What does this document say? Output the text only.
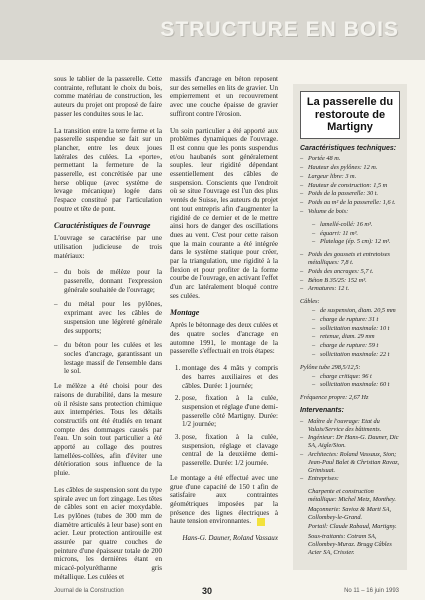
STRUCTURE EN BOIS

sous le tablier de la passerelle. Cette contrainte, reflutant le choix du bois, comme matériau de construction, les auteurs du projet ont proposé de faire passer les conduites sous le lac.

La transition entre la terre ferme et la passerelle suspendue se fait sur un plancher, entre les deux joues latérales des culées. La «porte», permettant la fermeture de la passerelle, est concrétisée par une herse oblique (avec système de levage mécanique) logée dans l'espace constitué par l'articulation poutre et tête de pont.

Caractéristiques de l'ouvrage

L'ouvrage se caractérise par une utilisation judicieuse de trois matériaux:

– du bois de mélèze pour la passerelle, donnant l'expression générale souhaitée de l'ouvrage;
– du métal pour les pylônes, exprimant avec les câbles de suspension une légèreté générale des supports;
– du béton pour les culées et les socles d'ancrage, garantissant un lestage massif de l'ensemble dans le sol.

Le mélèze a été choisi pour des raisons de durabilité, dans la mesure où il résiste sans protection chimique aux intempéries. Tous les détails constructifs ont été étudiés en tenant compte des dommages causés par l'eau. Un soin tout particulier a été apporté au collage des poutres lamellées-collées, afin d'éviter une détérioration sous influence de la pluie.

Les câbles de suspension sont du type spirale avec un fort zingage. Les têtes de câbles sont en acier moxydable. Les pylônes (tubes de 300 mm de diamètre articulés à leur base) sont en acier. Leur protection antirouille est assurée par quatre couches de peinture d'une épaisseur totale de 200 microns, les dernières étant en micacé-polyuréthanne gris métallique. Les culées et

massifs d'ancrage en béton reposent sur des semelles en lits de gravier. Un empierrement et un recouvrement avec une couche épaisse de gravier suffiront contre l'érosion.

Un soin particulier a été apporté aux problèmes dynamiques de l'ouvrage. Il est connu que les ponts suspendus et/ou haubanés sont généralement souples. leur rigidité dépendant essentiellement des câbles de suspension. Conscients que l'endroit où se situe l'ouvrage est l'un des plus ventés de Suisse, les auteurs du projet ont tout entrepris afin d'augmenter la rigidité de ce dernier et de le mettre ainsi hors de danger des oscillations dues au vent. C'est pour cette raison que la main courante a été intégrée dans le système statique pour créer, par la triangulation, une rigidité à la flexion et pour profiter de la forme courbe de l'ouvrage, en activant l'effet d'un arc latéralement bloqué contre ses culées.

Montage

Après le bétonnage des deux culées et des quatre socles d'ancrage en automne 1991, le montage de la passerelle s'effectuait en trois étapes:

1. montage des 4 mâts y compris des barres auxiliaires et des câbles. Durée: 1 journée;
2. pose, fixation à la culée, suspension et réglage d'une demi-passerelle côté Martigny. Durée: 1/2 journée;
3. pose, fixation à la culée, suspension, réglage et clavage central de la deuxième demi-passerelle. Durée: 1/2 journée.

Le montage a été effectué avec une grue d'une capacité de 150 t afin de satisfaire aux contraintes géométriques imposées par la présence des lignes électriques à haute tension environnantes.

Hans-G. Dauner, Roland Vassaux

La passerelle du restoroute de Martigny
Caractéristiques techniques:
– Portée 48 m.
– Hauteur des pylônes: 12 m.
– Largeur libre: 3 m.
– Hauteur de construction: 1,5 m
– Poids de la passerelle: 30 t.
– Poids au m² de la passerelle: 1,6 t.
– Volume de bois:
– lamellé-collé: 16 m³.
– équarri: 11 m³.
– Platelage (ép. 5 cm): 12 m³.
– Poids des goussets et entretoises métalliques: 7,8 t.
– Poids des ancrages: 5,7 t.
– Béton B 35/25: 152 m³.
– Armatures: 12 t.
Câbles:
– de suspension, diam. 20,5 mm
– charge de rupture: 31 t
– sollicitation maximale: 10 t
– retenue, diam. 29 mm
– charge de rupture: 59 t
– sollicitation maximale: 22 t
Pylône tube 298,5/12,5:
– charge critique: 96 t
– sollicitation maximale: 60 t
Fréquence propre: 2,67 Hz
Intervenants:
– Maître de l'ouvrage: Etat du Valais/Service des bâtiments.
– Ingénieur: Dr Hans-G. Dauner, Dic SA, Aigle/Sion.
– Architectes: Roland Vassaux, Sion; Jean-Paul Balet & Christian Ravaz, Grimisuat.
– Entreprises:
Charpente et construction métallique: Michel Metz, Monthey.
Maçonnerie: Savioz & Marti SA, Collombey-le-Grand.
Portail: Claude Rabaud, Martigny.
Sous-traitants: Cotram SA, Collombey-Muraz. Brugg Câbles Acier SA, Crissier.
Journal de la Construction	30	No 11 – 16 juin 1993
